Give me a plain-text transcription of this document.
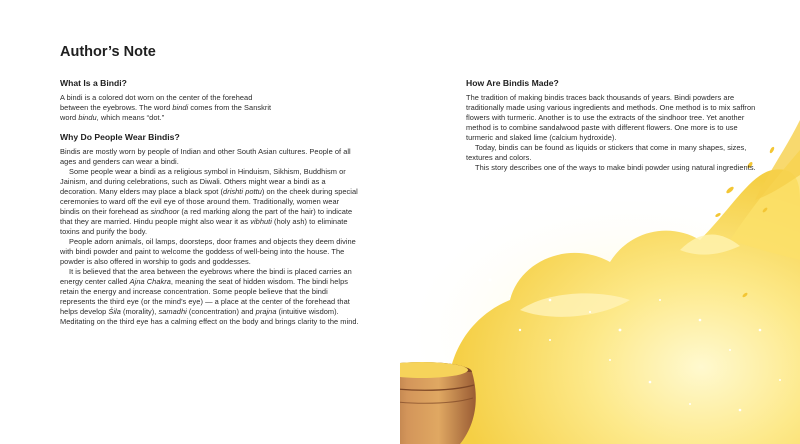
Author’s Note
What Is a Bindi?

A bindi is a colored dot worn on the center of the forehead
between the eyebrows. The word bindi comes from the Sanskrit
word bindu, which means “dot.”

Why Do People Wear Bindis?

Bindis are mostly worn by people of Indian and other South Asian cultures. People of all ages and genders can wear a bindi.

Some people wear a bindi as a religious symbol in Hinduism, Sikhism, Buddhism or Jainism, and during celebrations, such as Diwali. Others might wear a bindi as a decoration. Many elders may place a black spot (drishti pottu) on the cheek during special ceremonies to ward off the evil eye of those around them. Traditionally, women wear bindis on their forehead as sindhoor (a red marking along the part of the hair) to indicate that they are married. Hindu people might also wear it as vibhuti (holy ash) to eliminate toxins and purify the body.

People adorn animals, oil lamps, doorsteps, door frames and objects they deem divine with bindi powder and paint to welcome the goddess of well-being into the house. The powder is also offered in worship to gods and goddesses.

It is believed that the area between the eyebrows where the bindi is placed carries an energy center called Ajna Chakra, meaning the seat of hidden wisdom. The bindi helps retain the energy and increase concentration. Some people believe that the bindi represents the third eye (or the mind’s eye) — a place at the center of the forehead that helps develop Śila (morality), samadhi (concentration) and prajna (intuitive wisdom). Meditating on the third eye has a calming effect on the body and brings clarity to the mind.

How Are Bindis Made?

The tradition of making bindis traces back thousands of years. Bindi powders are traditionally made using various ingredients and methods. One method is to mix saffron flowers with turmeric. Another is to use the extracts of the sindhoor tree. Yet another method is to combine sandalwood paste with different flowers. One more is to use turmeric and slaked lime (calcium hydroxide).

Today, bindis can be found as liquids or stickers that come in many shapes, sizes, textures and colors.

This story describes one of the ways to make bindi powder using natural ingredients.
